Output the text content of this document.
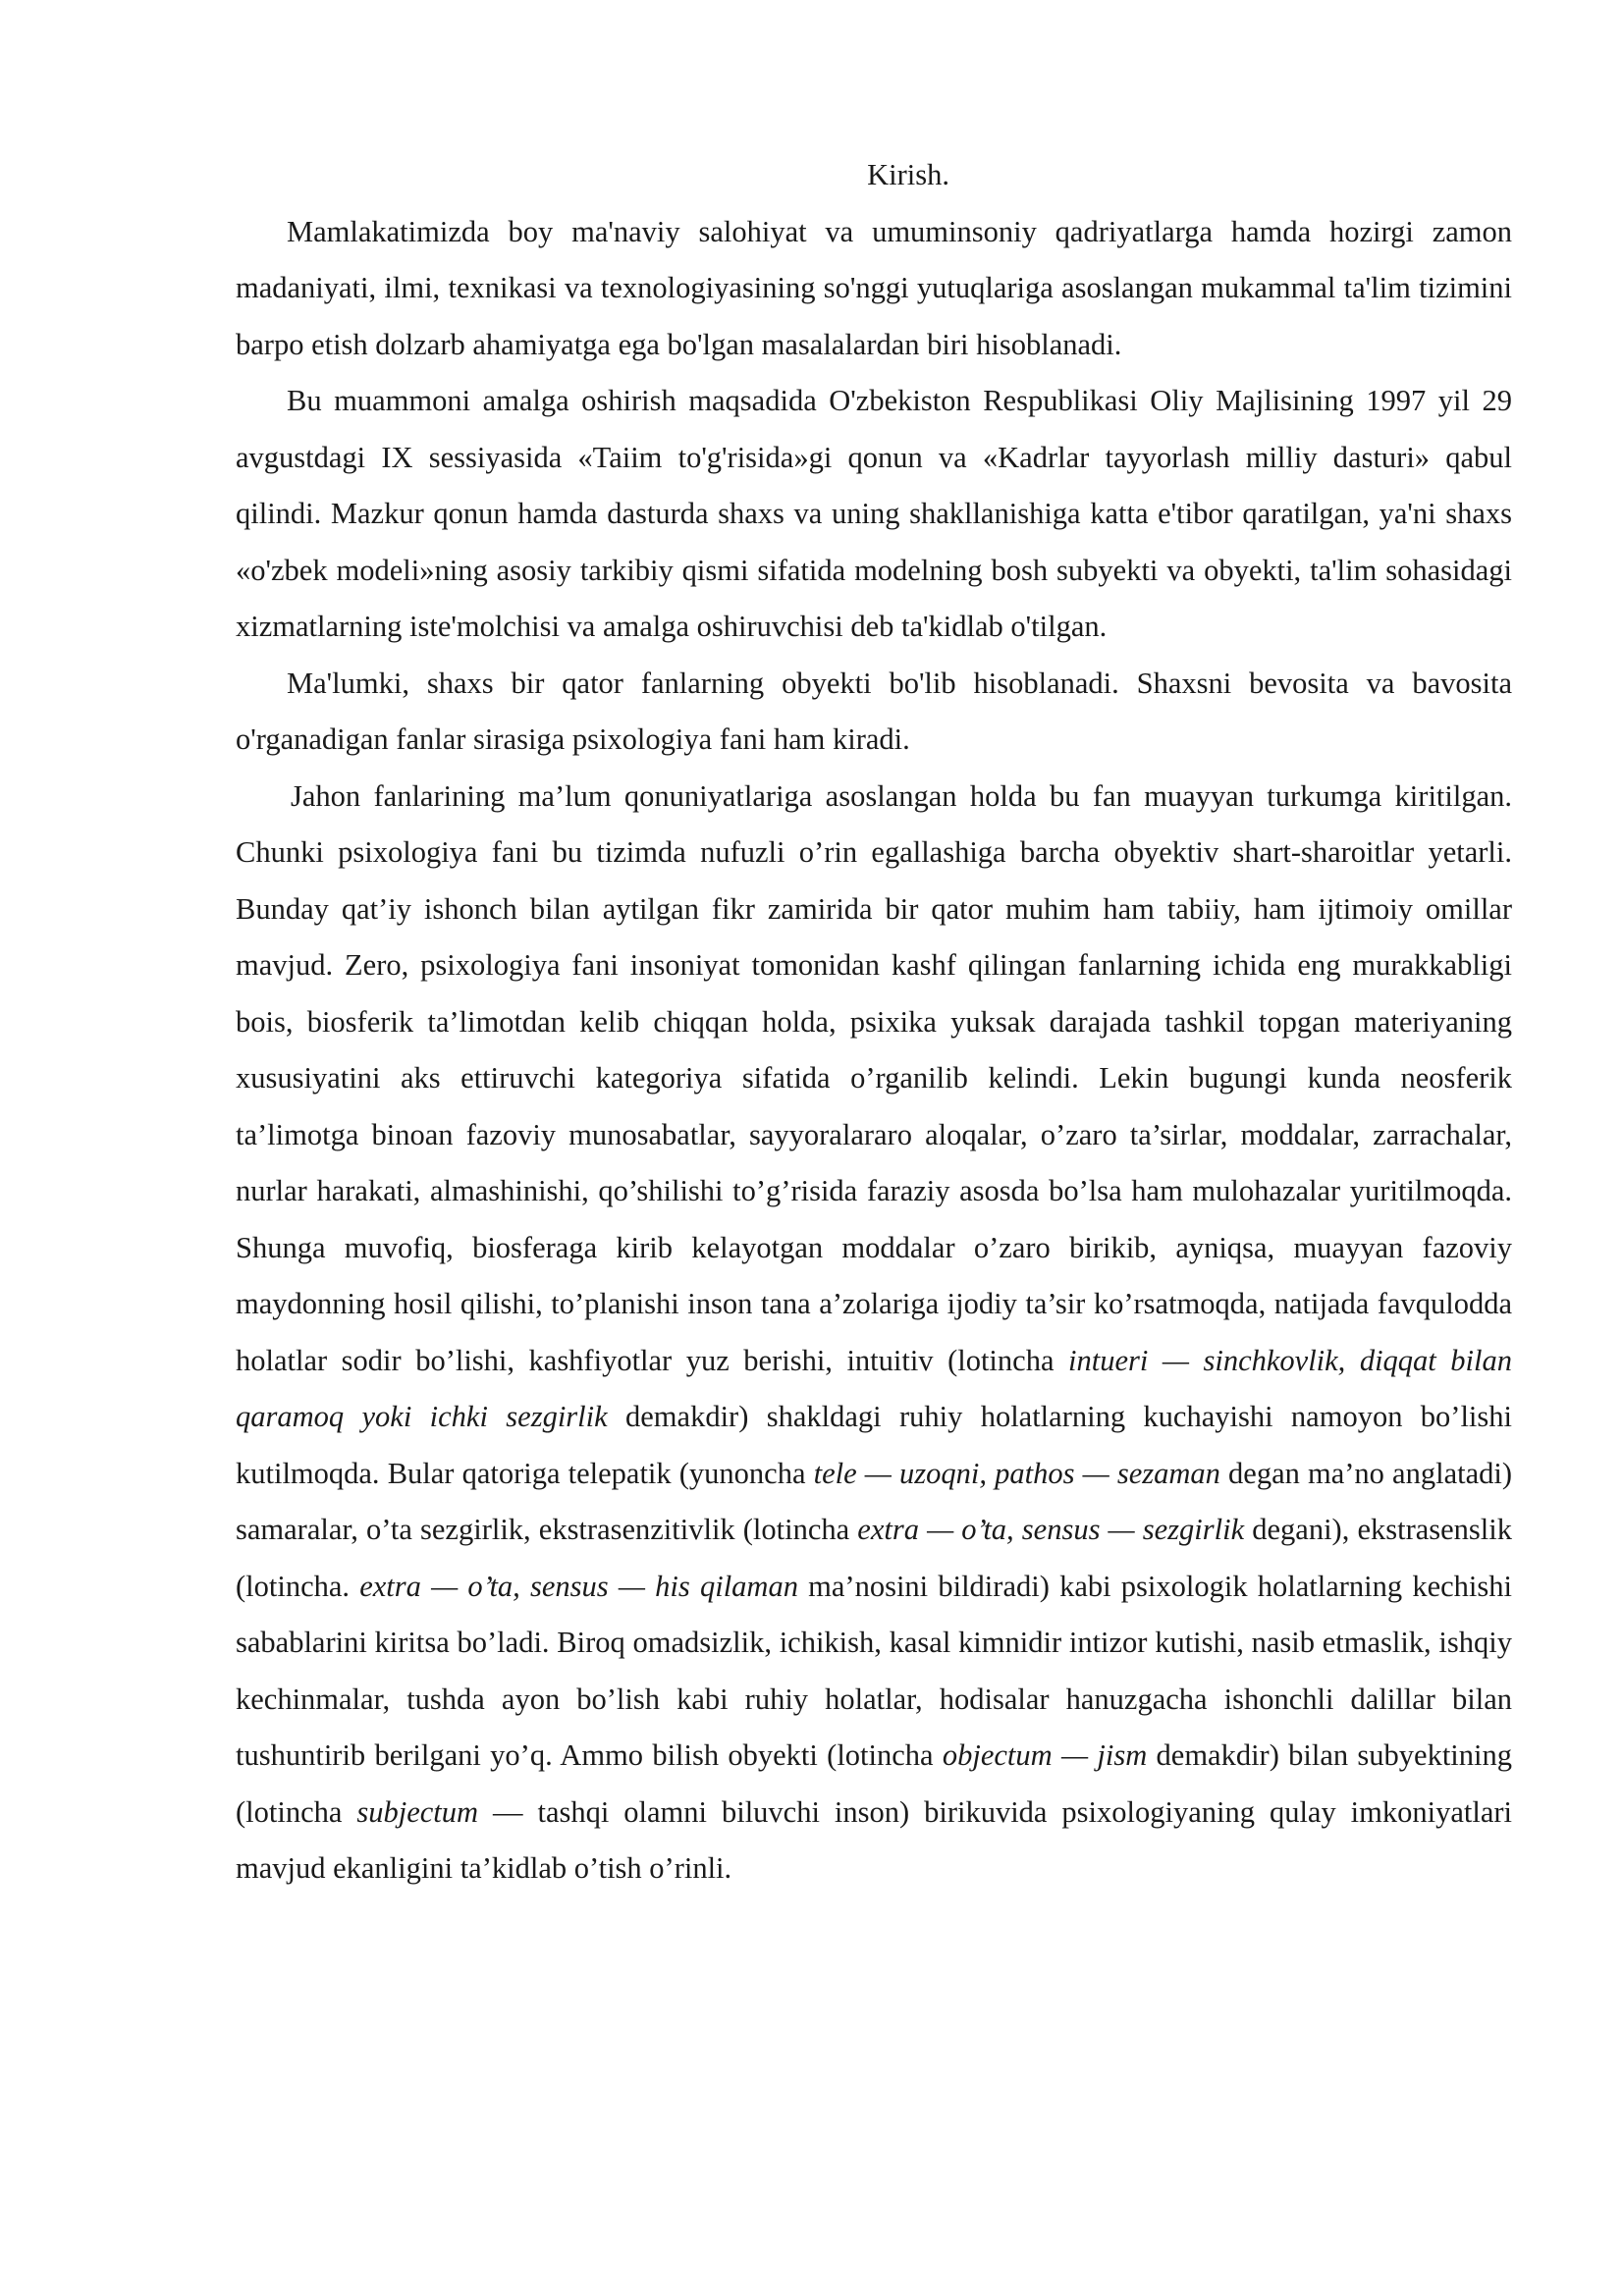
Kirish.

Mamlakatimizda boy ma'naviy salohiyat va umuminsoniy qadriyatlarga hamda hozirgi zamon madaniyati, ilmi, texnikasi va texnologiyasining so'nggi yutuqlariga asoslangan mukammal ta'lim tizimini barpo etish dolzarb ahamiyatga ega bo'lgan masalalardan biri hisoblanadi.

Bu muammoni amalga oshirish maqsadida O'zbekiston Respublikasi Oliy Majlisining 1997 yil 29 avgustdagi IX sessiyasida «Taiim to'g'risida»gi qonun va «Kadrlar tayyorlash milliy dasturi» qabul qilindi. Mazkur qonun hamda dasturda shaxs va uning shakllanishiga katta e'tibor qaratilgan, ya'ni shaxs «o'zbek modeli»ning asosiy tarkibiy qismi sifatida modelning bosh subyekti va obyekti, ta'lim sohasidagi xizmatlarning iste'molchisi va amalga oshiruvchisi deb ta'kidlab o'tilgan.

Ma'lumki, shaxs bir qator fanlarning obyekti bo'lib hisoblanadi. Shaxsni bevosita va bavosita o'rganadigan fanlar sirasiga psixologiya fani ham kiradi.

Jahon fanlarining ma’lum qonuniyatlariga asoslangan holda bu fan muayyan turkumga kiritilgan. Chunki psixologiya fani bu tizimda nufuzli o’rin egallashiga barcha obyektiv shart-sharoitlar yetarli. Bunday qat’iy ishonch bilan aytilgan fikr zamirida bir qator muhim ham tabiiy, ham ijtimoiy omillar mavjud. Zero, psixologiya fani insoniyat tomonidan kashf qilingan fanlarning ichida eng murakkabligi bois, biosferik ta’limotdan kelib chiqqan holda, psixika yuksak darajada tashkil topgan materiyaning xususiyatini aks ettiruvchi kategoriya sifatida o’rganilib kelindi. Lekin bugungi kunda neosferik ta’limotga binoan fazoviy munosabatlar, sayyoralararo aloqalar, o’zaro ta’sirlar, moddalar, zarrachalar, nurlar harakati, almashinishi, qo’shilishi to’g’risida faraziy asosda bo’lsa ham mulohazalar yuritilmoqda. Shunga muvofiq, biosferaga kirib kelayotgan moddalar o’zaro birikib, ayniqsa, muayyan fazoviy maydonning hosil qilishi, to’planishi inson tana a’zolariga ijodiy ta’sir ko’rsatmoqda, natijada favqulodda holatlar sodir bo’lishi, kashfiyotlar yuz berishi, intuitiv (lotincha intueri — sinchkovlik, diqqat bilan qaramoq yoki ichki sezgirlik demakdir) shakldagi ruhiy holatlarning kuchayishi namoyon bo’lishi kutilmoqda. Bular qatoriga telepatik (yunoncha tele — uzoqni, pathos — sezaman degan ma’no anglatadi) samaralar, o’ta sezgirlik, ekstrasenzitivlik (lotincha extra — o’ta, sensus — sezgirlik degani), ekstrasenslik (lotincha. extra — o’ta, sensus — his qilaman ma’nosini bildiradi) kabi psixologik holatlarning kechishi sabablarini kiritsa bo’ladi. Biroq omadsizlik, ichikish, kasal kimnidir intizor kutishi, nasib etmaslik, ishqiy kechinmalar, tushda ayon bo’lish kabi ruhiy holatlar, hodisalar hanuzgacha ishonchli dalillar bilan tushuntirib berilgani yo’q. Ammo bilish obyekti (lotincha objectum — jism demakdir) bilan subyektining (lotincha subjectum — tashqi olamni biluvchi inson) birikuvida psixologiyaning qulay imkoniyatlari mavjud ekanligini ta’kidlab o’tish o’rinli.
